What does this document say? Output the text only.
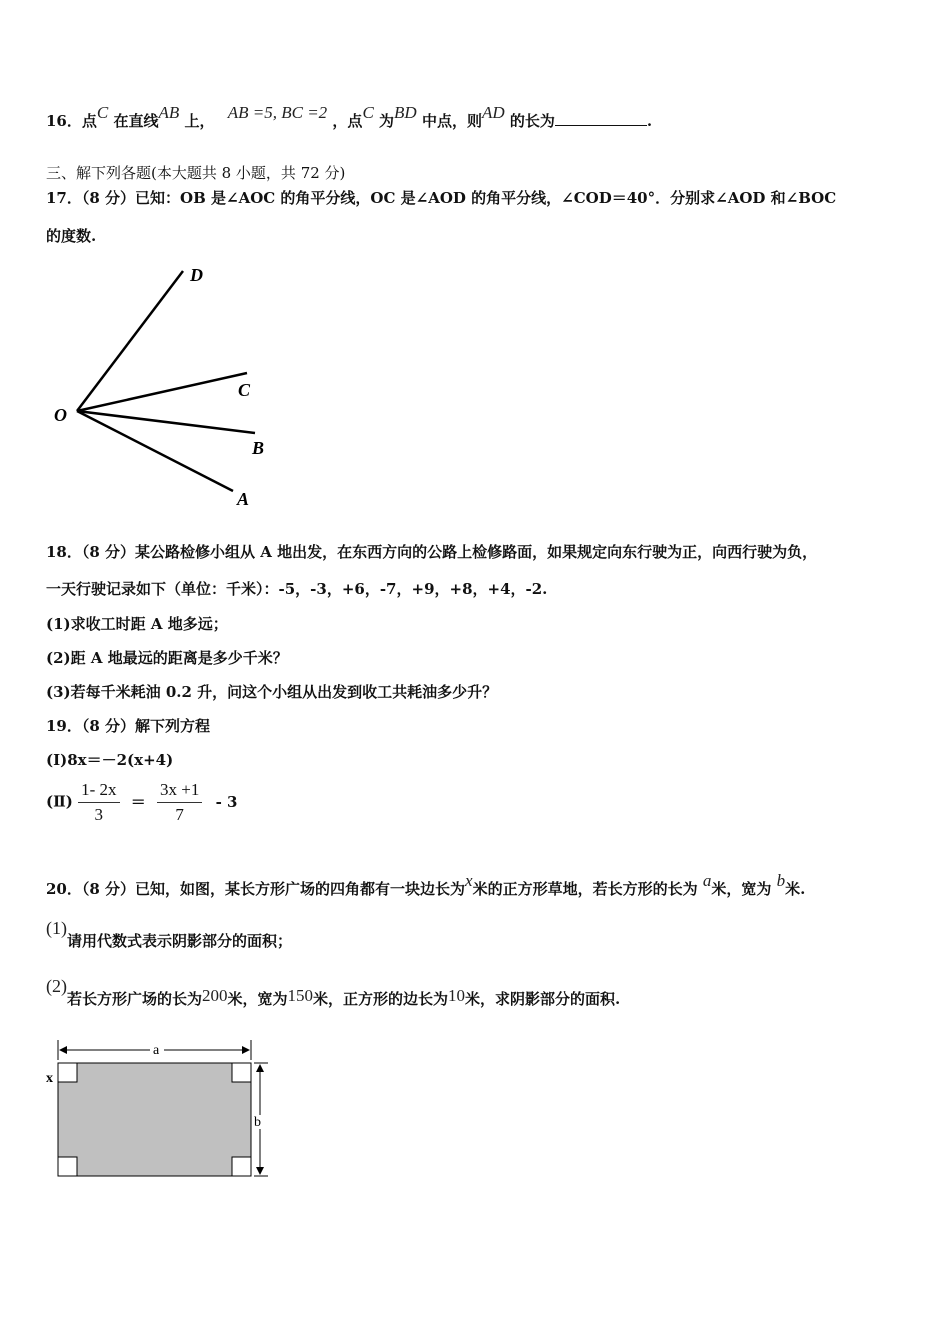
16．点C 在直线AB 上， AB =5, BC =2 ，点C 为BD 中点，则AD 的长为	.
三、解下列各题(本大题共 8 小题，共 72 分)
17．（8 分）已知：OB 是∠AOC 的角平分线，OC 是∠AOD 的角平分线，∠COD＝40°．分别求∠AOD 和∠BOC
的度数.
D
C
O
B
A
18．（8 分）某公路检修小组从 A 地出发，在东西方向的公路上检修路面，如果规定向东行驶为正，向西行驶为负，
一天行驶记录如下（单位：千米）：-5，-3，+6，-7，+9，+8，+4，-2.
(1)求收工时距 A 地多远；
(2)距 A 地最远的距离是多少千米？
(3)若每千米耗油 0.2 升，问这个小组从出发到收工共耗油多少升？
19．（8 分）解下列方程
(Ⅰ)8x＝－2(x+4)
(Ⅱ) $\frac{1- 2x}{3} = \frac{3x +1}{7} - 3$
20．（8 分）已知，如图，某长方形广场的四角都有一块边长为x米的正方形草地，若长方形的长为 a米，宽为 b米.
(1)请用代数式表示阴影部分的面积；
(2)若长方形广场的长为200米，宽为150米，正方形的边长为10米，求阴影部分的面积.
a
b
x
